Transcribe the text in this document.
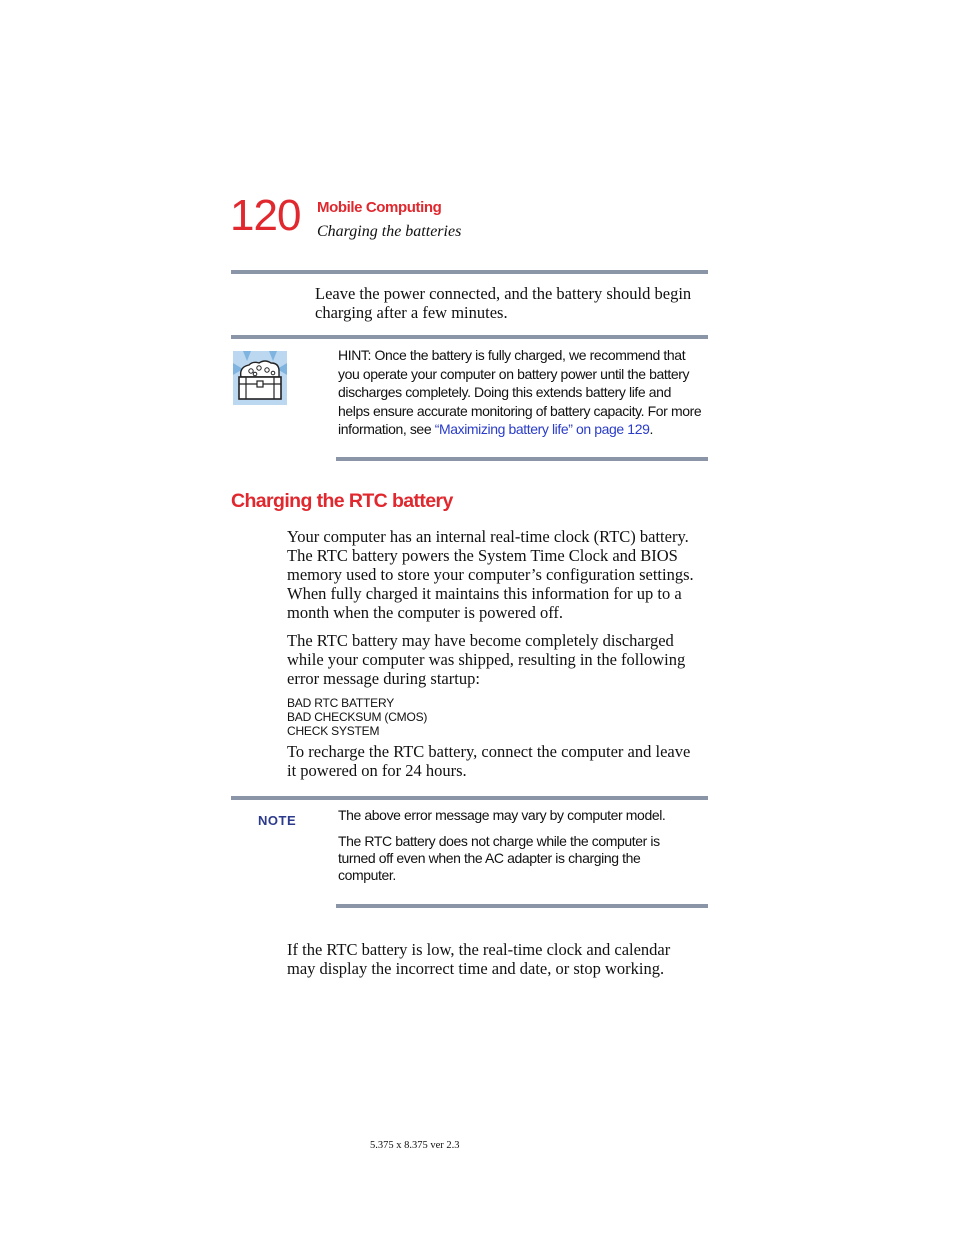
120 Mobile Computing
Charging the batteries
Leave the power connected, and the battery should begin
charging after a few minutes.
HINT: Once the battery is fully charged, we recommend that
you operate your computer on battery power until the battery
discharges completely. Doing this extends battery life and
helps ensure accurate monitoring of battery capacity. For more
information, see “Maximizing battery life” on page 129.
Charging the RTC battery
Your computer has an internal real-time clock (RTC) battery.
The RTC battery powers the System Time Clock and BIOS
memory used to store your computer’s configuration settings.
When fully charged it maintains this information for up to a
month when the computer is powered off.
The RTC battery may have become completely discharged
while your computer was shipped, resulting in the following
error message during startup:
BAD RTC BATTERY
BAD CHECKSUM (CMOS)
CHECK SYSTEM
To recharge the RTC battery, connect the computer and leave
it powered on for 24 hours.
NOTE	The above error message may vary by computer model.
The RTC battery does not charge while the computer is
turned off even when the AC adapter is charging the
computer.
If the RTC battery is low, the real-time clock and calendar
may display the incorrect time and date, or stop working.
5.375 x 8.375 ver 2.3
